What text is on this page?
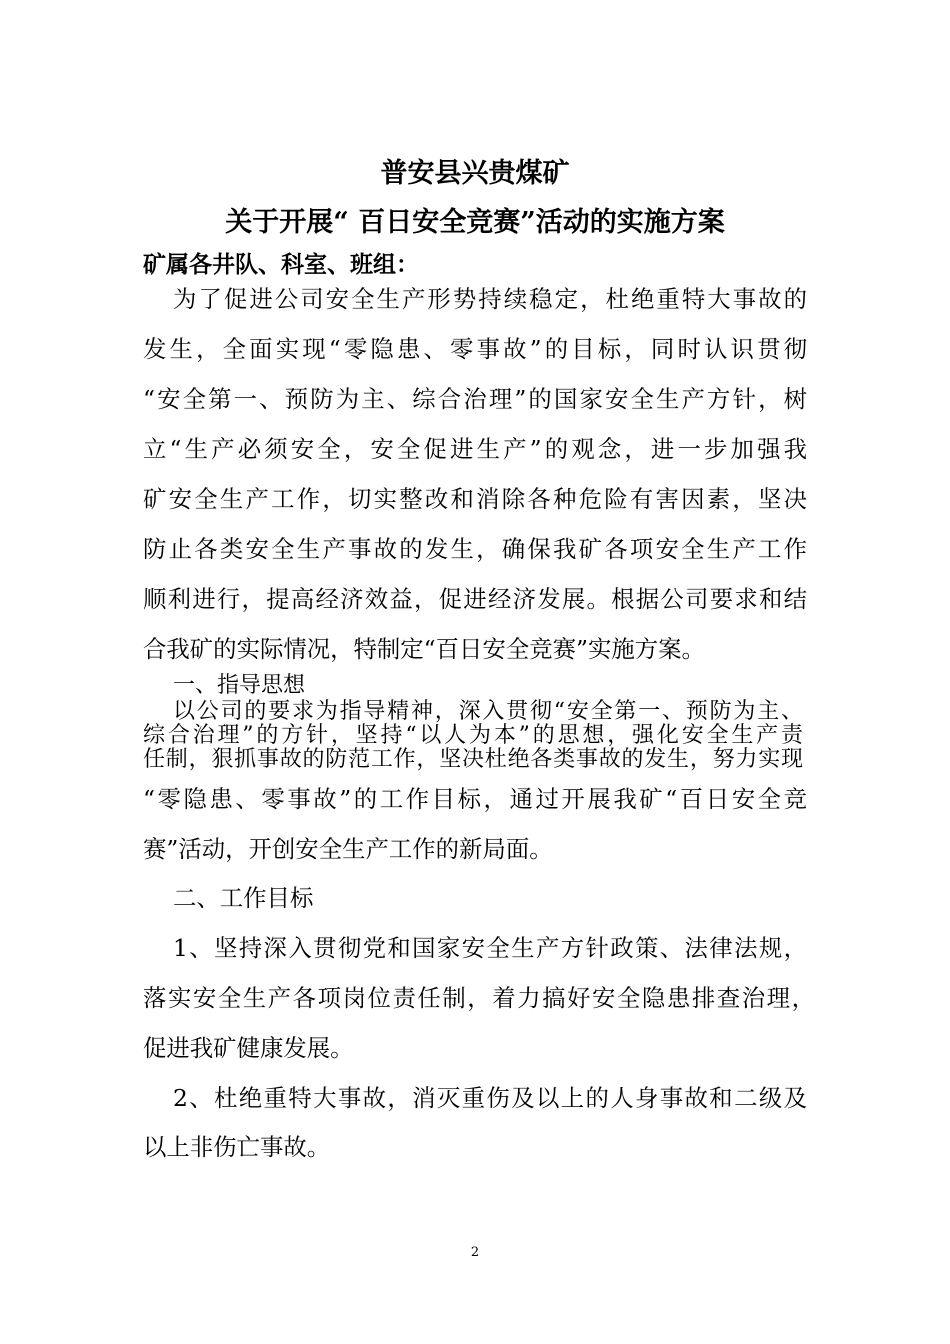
普安县兴贵煤矿
关于开展“ 百日安全竞赛”活动的实施方案
矿属各井队、科室、班组：
为了促进公司安全生产形势持续稳定，杜绝重特大事故的
发生，全面实现“零隐患、零事故”的目标，同时认识贯彻
“安全第一、预防为主、综合治理”的国家安全生产方针，树
立“生产必须安全，安全促进生产”的观念，进一步加强我
矿安全生产工作，切实整改和消除各种危险有害因素，坚决
防止各类安全生产事故的发生，确保我矿各项安全生产工作
顺利进行，提高经济效益，促进经济发展。根据公司要求和结
合我矿的实际情况，特制定“百日安全竞赛”实施方案。
一、指导思想
以公司的要求为指导精神，深入贯彻“安全第一、预防为主、
综合治理”的方针，坚持“以人为本”的思想，强化安全生产责
任制，狠抓事故的防范工作，坚决杜绝各类事故的发生，努力实现
“零隐患、零事故”的工作目标，通过开展我矿“百日安全竞
赛”活动，开创安全生产工作的新局面。
二、工作目标
1、坚持深入贯彻党和国家安全生产方针政策、法律法规，
落实安全生产各项岗位责任制，着力搞好安全隐患排查治理，
促进我矿健康发展。
2、杜绝重特大事故，消灭重伤及以上的人身事故和二级及
以上非伤亡事故。
2
